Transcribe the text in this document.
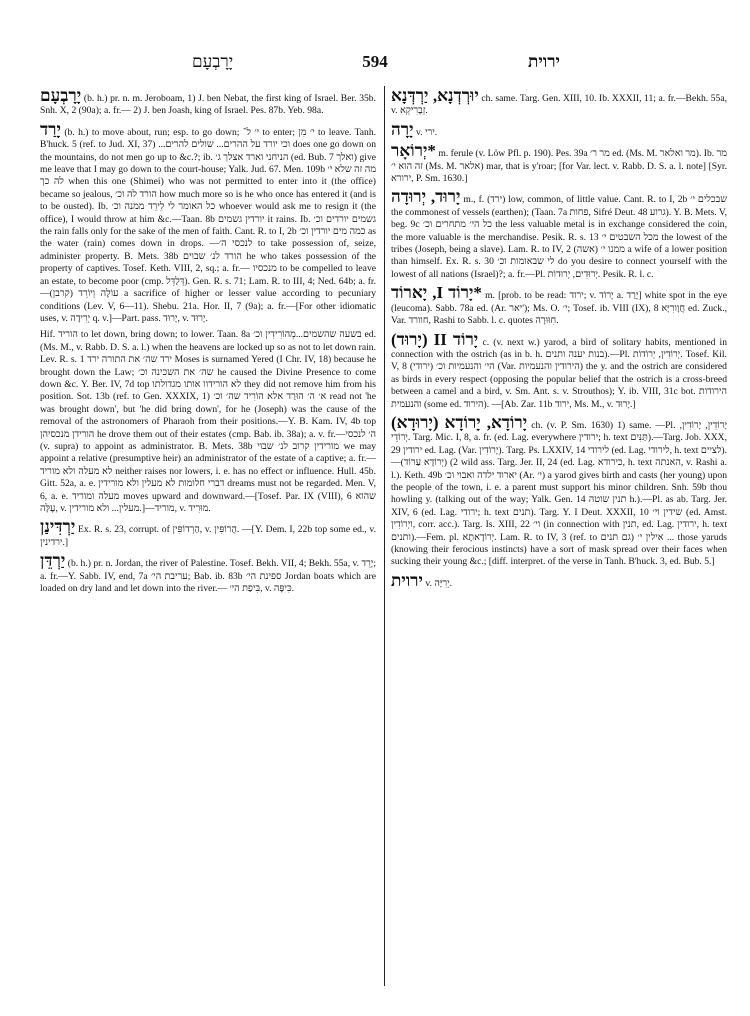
יָרָבְעָם	594	ירוית
יָרָבְעָם (b. h.) pr. n. m. Jeroboam, 1) J. ben Nebat, the first king of Israel. Ber. 35b. Snh. X, 2 (90a); a. fr.— 2) J. ben Joash, king of Israel. Pes. 87b. Yeb. 98a.
יָרַד (b. h.) to move about, run; esp. to go down; י׳ ל־ to enter; י׳ מִן to leave. Tanh. B'huck. 5 (ref. to Jud. XI, 37) ...וכי יורד על ההרים... שולים להרים does one go down on the mountains, do not men go up to &c.?; ib. הניחני וארד אצלך ג׳ (ed. Bub. 7 ואלך) give me leave that I may go down to the court-house; Yalk. Jud. 67. Men. 109b מה זה שלא י׳ לה כך when this one (Shimei) who was not permitted to enter into it (the office) became so jealous, הורד לה וכ׳ how much more so is he who once has entered it (and is to be ousted). Ib. כל האומר לי לֵירֵד ממנה וכ׳ whoever would ask me to resign it (the office), I would throw at him &c.—Taan. 8b יורדין גשמים it rains. Ib. גשמים יורדים וכ׳ the rain falls only for the sake of the men of faith. Cant. R. to I, 2b כמה מים יורדין וכ׳ as the water (rain) comes down in drops. —לנכסי ה׳ to take possession of, seize, administer property. B. Mets. 38b הורד לנ׳ שבוים he who takes possession of the property of captives. Tosef. Keth. VIII, 2, sq.; a. fr.— מנכסיו to be compelled to leave an estate, to become poor (cmp. דְּלַדֵּל). Gen. R. s. 71; Lam. R. to III, 4; Ned. 64b; a. fr.—(קרבן) עוֹלֶה וְיוֹרֵד a sacrifice of higher or lesser value according to pecuniary conditions (Lev. V, 6—11). Shebu. 21a. Hor. II, 7 (9a); a. fr.—[For other idiomatic uses, v. יְרִידָה q. v.]—Part. pass. יָרוּד, v. יָרוּד.
Hif. הוריד to let down, bring down; to lower. Taan. 8a בשעה שהשמים...מְהוֹרִידִין וכ׳ ed. (Ms. M., v. Rabb. D. S. a. l.) when the heavens are locked up so as not to let down rain. Lev. R. s. 1 ירד שה׳ את התורה ירד Moses is surnamed Yered (I Chr. IV, 18) because he brought down the Law; שה׳ את השכינה וכ׳ he caused the Divine Presence to come down &c. Y. Ber. IV, 7d top לא הורידוו אותו מגדולתו they did not remove him from his position. Sot. 13b (ref. to Gen. XXXIX, 1) א׳ ה׳ הוּרַד אלא הוֹרִיד שה׳ וכ׳ read not 'he was brought down', but 'he did bring down', for he (Joseph) was the cause of the removal of the astronomers of Pharaoh from their positions.—Y. B. Kam. IV, 4b top הורידן מנכסיהן he drove them out of their estates (cmp. Bab. ib. 38a); a. v. fr.—ה׳ לנכסי (v. supra) to appoint as administrator. B. Mets. 38b מורידין קרוב לנ׳ שבוי we may appoint a relative (presumptive heir) an administrator of the estate of a captive; a. fr.—לא מעלה ולא מוריד neither raises nor lowers, i. e. has no effect or influence. Hull. 45b. Gitt. 52a, a. e. דברי חלומות לא מעלין ולא מורידין dreams must not be regarded. Men. V, 6, a. e. מעלה ומוריד moves upward and downward.—[Tosef. Par. IX (VIII), 6 שהוא עֶלָּה, v. מעלין... ולא מורידין.]—מוריד, v. מוּרִיד.
יַרְדִּינַן Ex. R. s. 23, corrupt. of הַרְדוֹפִּין, v. הֲרוֹפִּין. —[Y. Dem. I, 22b top some ed., v. ירדינין.]
יַרְדֵּן (b. h.) pr. n. Jordan, the river of Palestine. Tosef. Bekh. VII, 4; Bekh. 55a, v. יָרֵד; a. fr.—Y. Sabb. IV, end, 7a עריבת הי׳; Bab. ib. 83b ספינת הי׳ Jordan boats which are loaded on dry land and let down into the river.— בִּיפַת הי׳, v. כִּיפָּה.
יוּרְדְנָא, יַרְדְּנָא ch. same. Targ. Gen. XIII, 10. Ib. XXXII, 11; a. fr.—Bekh. 55a, v. זְבָרִיקְא.
יָרָה v. ירי.
*יְרוֹאָר m. ferule (v. Löw Pfl. p. 190). Pes. 39a מר ר׳ ed. (Ms. M. מר ואלאר). Ib. מר זה הוא י׳ (Ms. M. אלאר) mar, that is y'roar; [for Var. lect. v. Rabb. D. S. a. l. note] [Syr. ירורא, P. Sm. 1630.]
יָרוּד, יְרוּדָה m., f. (ירד) low, common, of little value. Cant. R. to I, 2b שבכלים י׳ the commonest of vessels (earthen); (Taan. 7a פחות, Sifré Deut. 48 גרוע). Y. B. Mets. V, beg. 9c כל הי׳ מתחרים וכ׳ the less valuable metal is in exchange considered the coin, the more valuable is the merchandise. Pesik. R. s. 13 מכל השבטים י׳ the lowest of the tribes (Joseph, being a slave). Lam. R. to IV, 2 (אשה) ממנו י׳ a wife of a lower position than himself. Ex. R. s. 30 לי שבאומות וכ׳ do you desire to connect yourself with the lowest of all nations (Israel)?; a. fr.—Pl. יְרוּדִים, יְרוּדוֹת. Pesik. R. l. c.
*יָרוֹד I, יָארוֹד m. [prob. to be read: ירוד; v. יָרוֹד a. יָרַד] white spot in the eye (leucoma). Sabb. 78a ed. (Ar. יאר'); Ms. O. י׳; Tosef. ib. VIII (IX), 8 חֲוָורִיָּא ed. Zuck., Var. חוורד, Rashi to Sabb. l. c. quotes חִוּוּרָה.
יָרוֹד II (יָרוּד) c. (v. next w.) yarod, a bird of solitary habits, mentioned in connection with the ostrich (as in b. h. בנות יענה ותנים).—Pl. יְרוֹדִין, יְרוֹדוֹת. Tosef. Kil. V, 8 (ירודי) הי׳ והנעמיות וכ׳ (Var. הירודין והנעמיות) the y. and the ostrich are considered as birds in every respect (opposing the popular belief that the ostrich is a cross-breed between a camel and a bird, v. Sm. Ant. s. v. Strouthos); Y. ib. VIII, 31c bot. הירודות והנעמית (some ed. הירוד). —[Ab. Zar. 11b ירוד, Ms. M., v. יָרוּד.]
יָרוֹדָא, יָרוֹדָא (יָרוּדָא) ch. (v. P. Sm. 1630) 1) same. —Pl. יָרוֹדִין, יָרוֹדִין, יְרוֹדֵי. Targ. Mic. I, 8, a. fr. (ed. Lag. everywhere ירודין; h. text תַּנִּים).—Targ. Job. XXX, 29 ירודין ed. Lag. (Var. יָרוֹדִין). Targ. Ps. LXXIV, 14 לירודי (ed. Lag. לירודי, h. text לציים).—2) (יְרוֹדָא עַרוֹד) wild ass. Targ. Jer. II, 24 (ed. Lag. כירודא, h. text האנתה, v. Rashi a. l.). Keth. 49b יארוד ילדה ואבוי וכ׳ (Ar. י׳) a yarod gives birth and casts (her young) upon the people of the town, i. e. a parent must support his minor children. Snh. 59b thou howling y. (talking out of the way; Yalk. Gen. 14 תנין שוטה h.).—Pl. as ab. Targ. Jer. XIV, 6 (ed. Lag. ירודי; h. text תנים). Targ. Y. I Deut. XXXII, 10 שידין וי׳ (ed. Amst. ויְרוֹדִין, corr. acc.). Targ. Is. XIII, 22 וי׳ (in connection with תנין, ed. Lag. ירודין, h. text ותנים).—Fem. pl. יְרוֹדָאתָא. Lam. R. to IV, 3 (ref. to גם תנים) אילין י׳ ... those yaruds (knowing their ferocious instincts) have a sort of mask spread over their faces when sucking their young &c.; [diff. interpret. of the verse in Tanh. B'huck. 3, ed. Bub. 5.]
ירוית v. יְרִיָּה.
